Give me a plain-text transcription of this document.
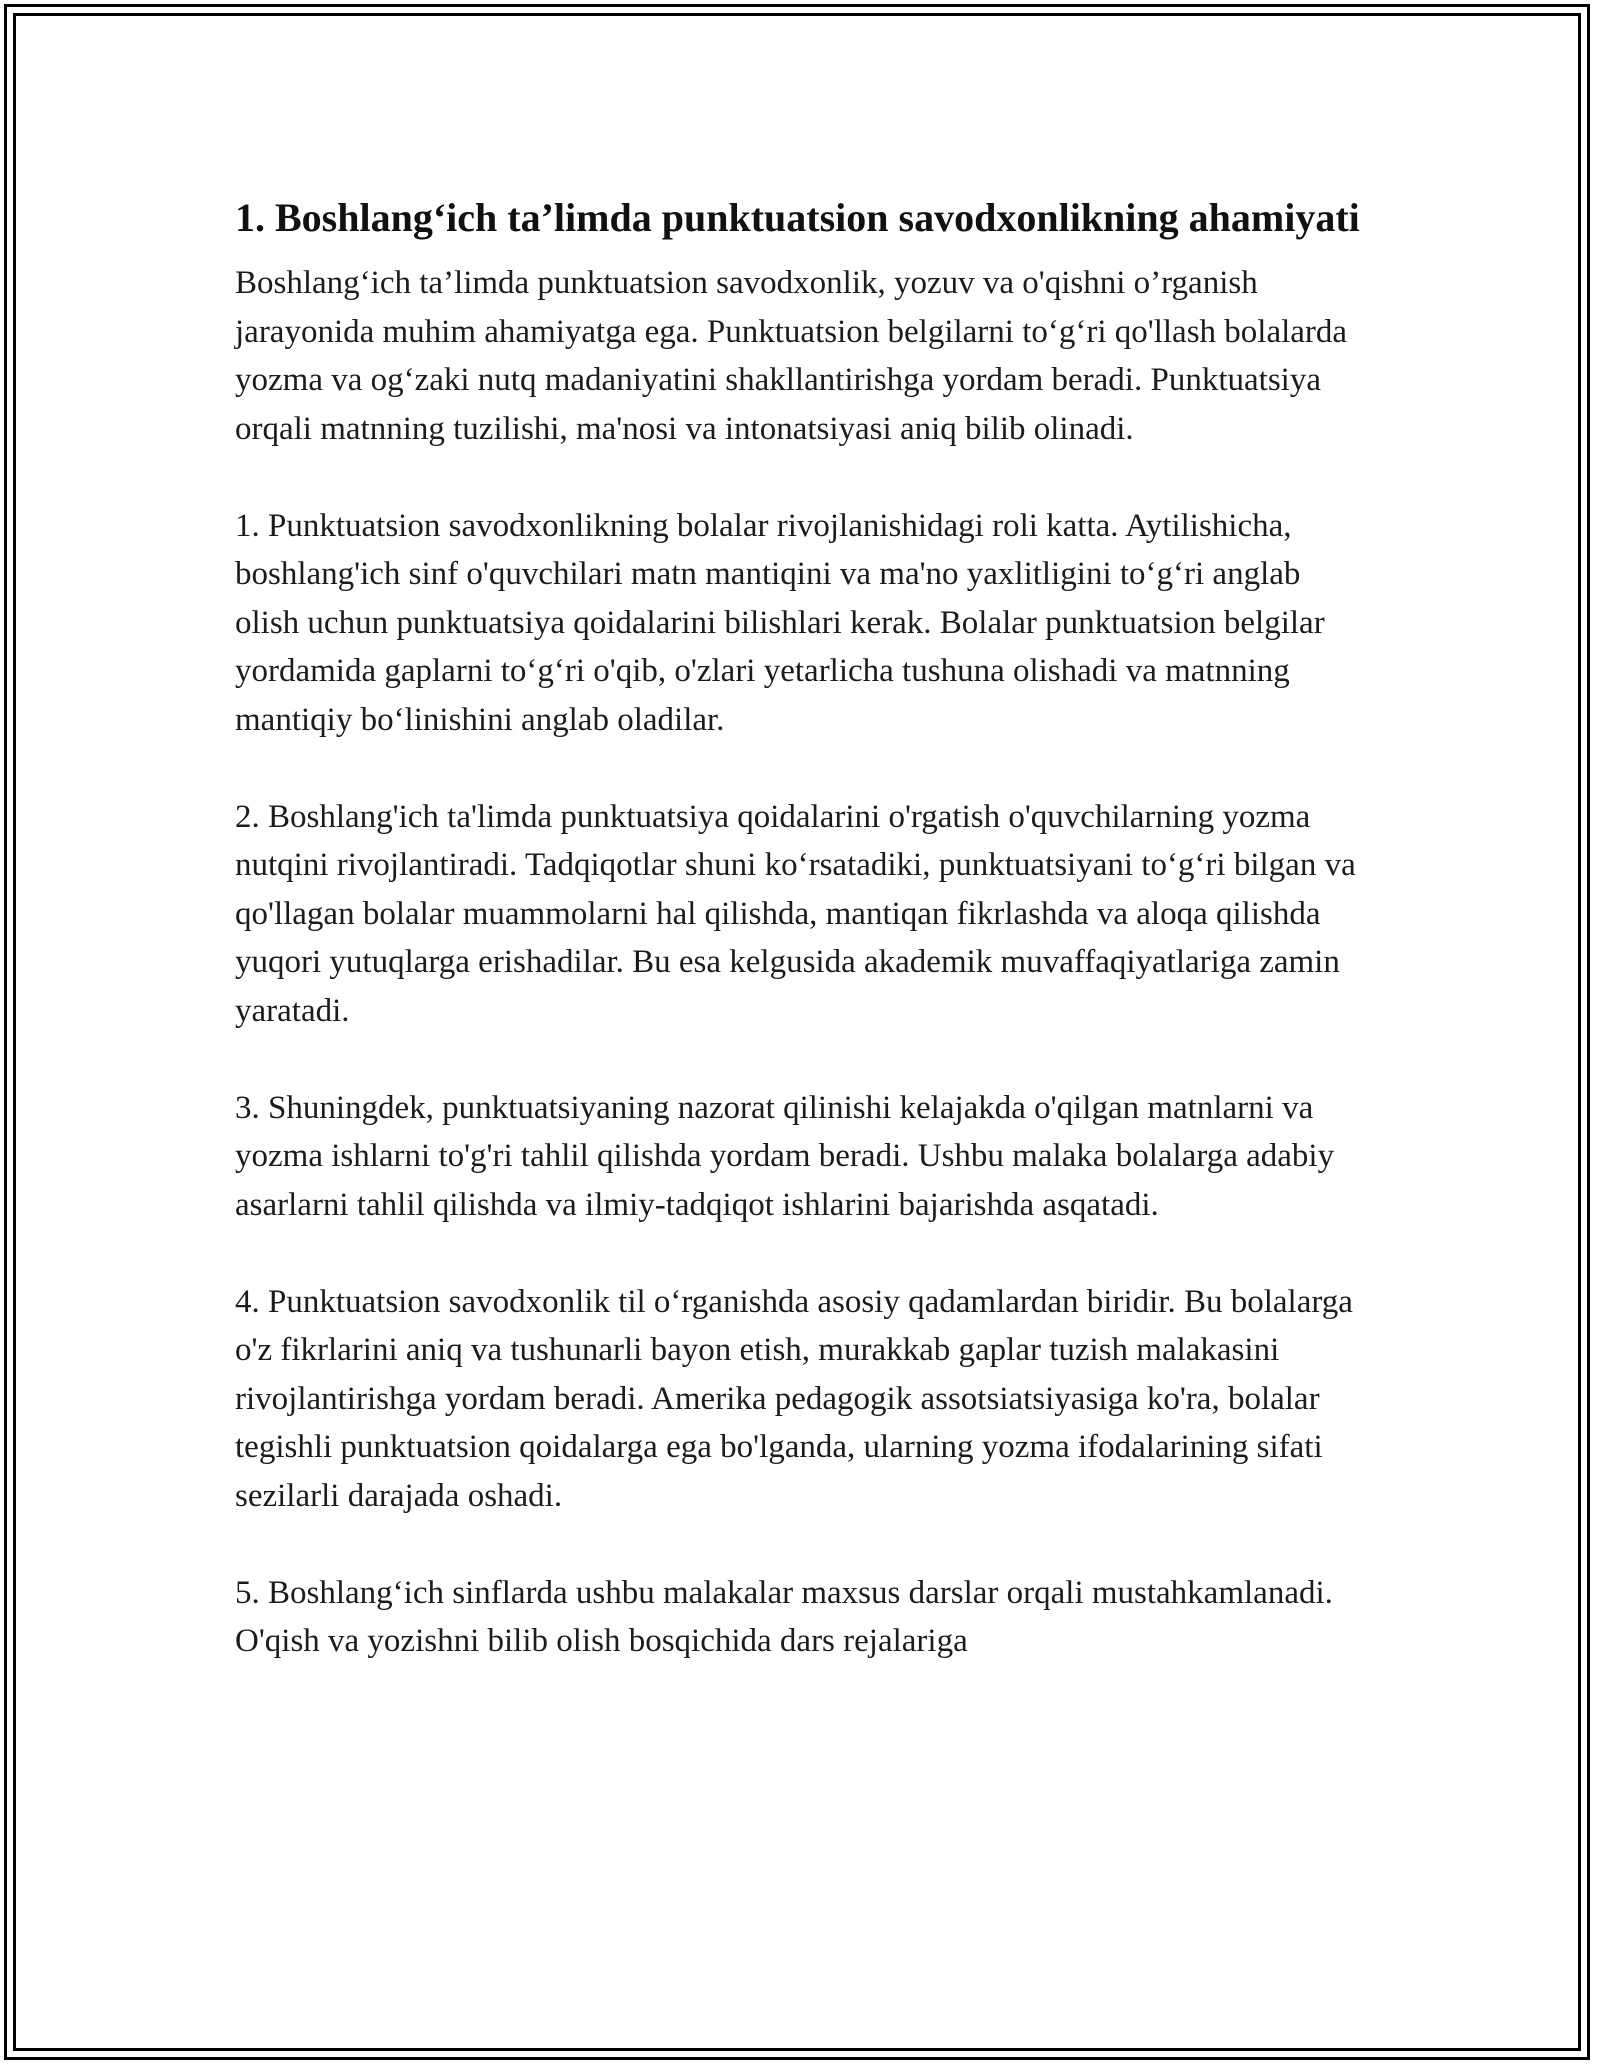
1. Boshlang‘ich ta’limda punktuatsion savodxonlikning ahamiyati

Boshlang‘ich ta’limda punktuatsion savodxonlik, yozuv va o'qishni o’rganish jarayonida muhim ahamiyatga ega. Punktuatsion belgilarni to‘g‘ri qo'llash bolalarda yozma va og‘zaki nutq madaniyatini shakllantirishga yordam beradi. Punktuatsiya orqali matnning tuzilishi, ma'nosi va intonatsiyasi aniq bilib olinadi.

1. Punktuatsion savodxonlikning bolalar rivojlanishidagi roli katta. Aytilishicha, boshlang'ich sinf o'quvchilari matn mantiqini va ma'no yaxlitligini to‘g‘ri anglab olish uchun punktuatsiya qoidalarini bilishlari kerak. Bolalar punktuatsion belgilar yordamida gaplarni to‘g‘ri o'qib, o'zlari yetarlicha tushuna olishadi va matnning mantiqiy bo‘linishini anglab oladilar.

2. Boshlang'ich ta'limda punktuatsiya qoidalarini o'rgatish o'quvchilarning yozma nutqini rivojlantiradi. Tadqiqotlar shuni ko‘rsatadiki, punktuatsiyani to‘g‘ri bilgan va qo'llagan bolalar muammolarni hal qilishda, mantiqan fikrlashda va aloqa qilishda yuqori yutuqlarga erishadilar. Bu esa kelgusida akademik muvaffaqiyatlariga zamin yaratadi.

3. Shuningdek, punktuatsiyaning nazorat qilinishi kelajakda o'qilgan matnlarni va yozma ishlarni to'g'ri tahlil qilishda yordam beradi. Ushbu malaka bolalarga adabiy asarlarni tahlil qilishda va ilmiy-tadqiqot ishlarini bajarishda asqatadi.

4. Punktuatsion savodxonlik til o‘rganishda asosiy qadamlardan biridir. Bu bolalarga o'z fikrlarini aniq va tushunarli bayon etish, murakkab gaplar tuzish malakasini rivojlantirishga yordam beradi. Amerika pedagogik assotsiatsiyasiga ko'ra, bolalar tegishli punktuatsion qoidalarga ega bo'lganda, ularning yozma ifodalarining sifati sezilarli darajada oshadi.

5. Boshlang‘ich sinflarda ushbu malakalar maxsus darslar orqali mustahkamlanadi. O'qish va yozishni bilib olish bosqichida dars rejalariga
